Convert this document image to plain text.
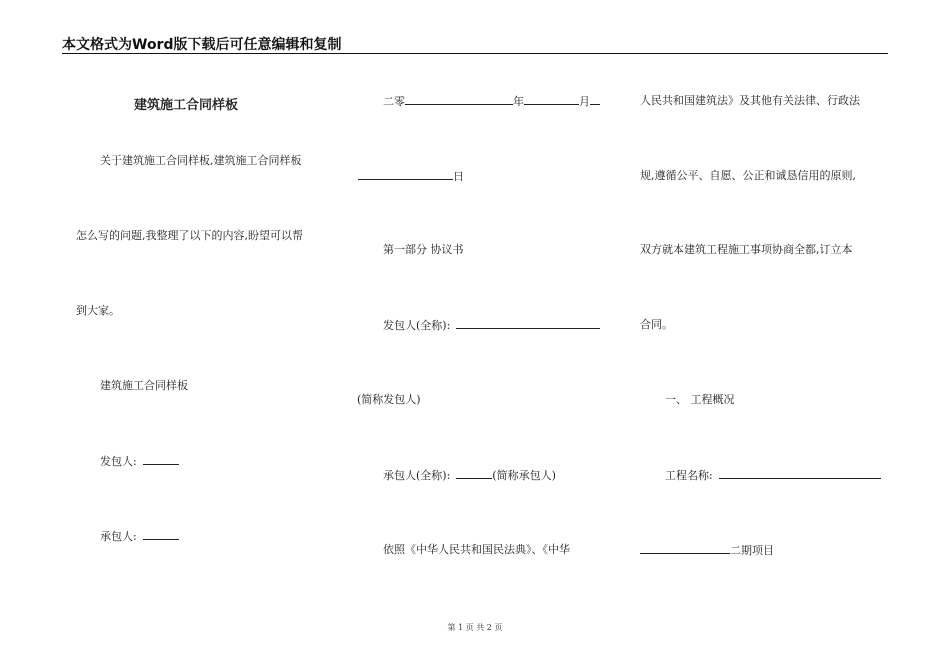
本文格式为Word版下载后可任意编辑和复制
建筑施工合同样板
关于建筑施工合同样板,建筑施工合同样板
怎么写的问题,我整理了以下的内容,盼望可以帮
到大家。
建筑施工合同样板
发包人:
承包人:
二零	年	月
日
第一部分 协议书
发包人(全称):
(简称发包人)
承包人(全称):	(简称承包人)
依照《中华人民共和国民法典》、《中华
人民共和国建筑法》及其他有关法律、行政法
规,遵循公平、自愿、公正和诚恳信用的原则,
双方就本建筑工程施工事项协商全都,订立本
合同。
一、 工程概况
工程名称:
二期项目
第 1 页 共 2 页
